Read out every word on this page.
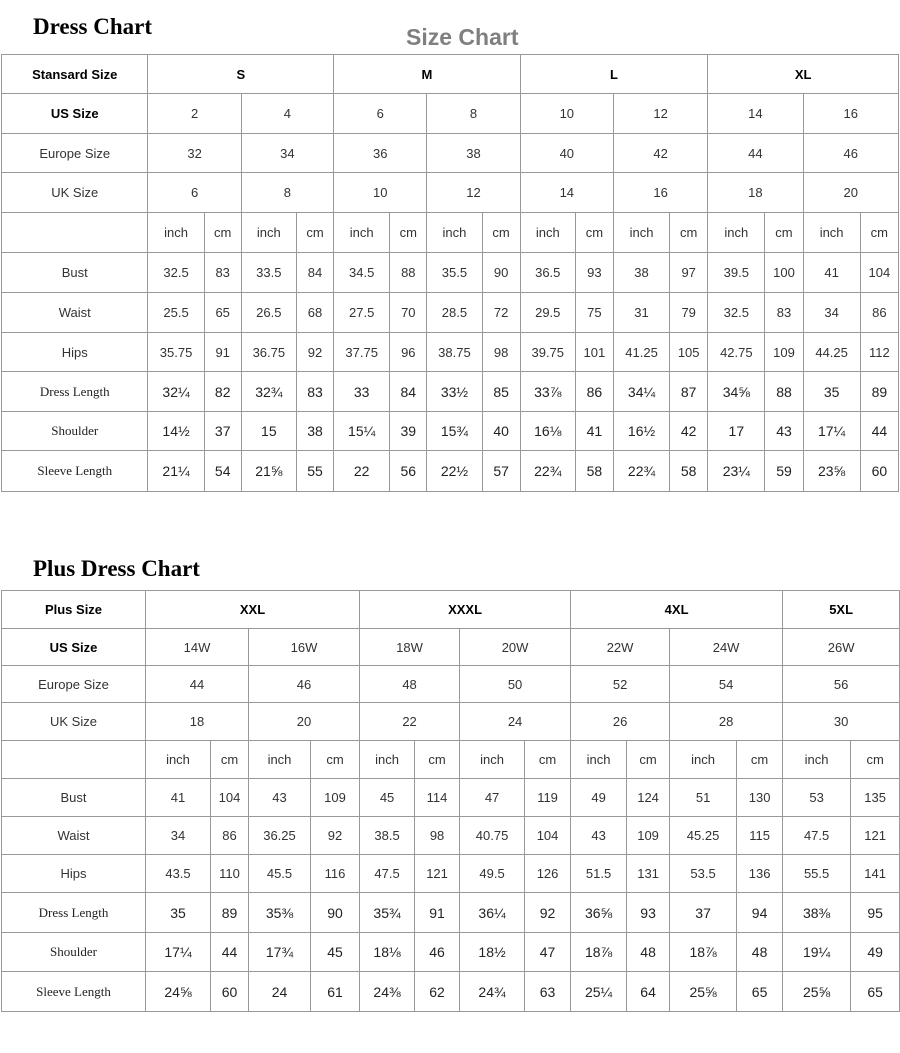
Dress Chart	Size Chart
Stansard Size	S				M				L				XL			
US Size	2		4		6		8		10		12		14		16	
Europe Size	32		34		36		38		40		42		44		46	
UK Size	6		8		10		12		14		16		18		20	
	inch	cm	inch	cm	inch	cm	inch	cm	inch	cm	inch	cm	inch	cm	inch	cm
Bust	32.5	83	33.5	84	34.5	88	35.5	90	36.5	93	38	97	39.5	100	41	104
Waist	25.5	65	26.5	68	27.5	70	28.5	72	29.5	75	31	79	32.5	83	34	86
Hips	35.75	91	36.75	92	37.75	96	38.75	98	39.75	101	41.25	105	42.75	109	44.25	112
Dress Length	32¼	82	32¾	83	33	84	33½	85	33⅞	86	34¼	87	34⅝	88	35	89
Shoulder	14½	37	15	38	15¼	39	15¾	40	16⅛	41	16½	42	17	43	17¼	44
Sleeve Length	21¼	54	21⅝	55	22	56	22½	57	22¾	58	22¾	58	23¼	59	23⅝	60
Plus Dress Chart
Plus Size	XXL				XXXL				4XL				5XL	
US Size	14W		16W		18W		20W		22W		24W		26W	
Europe Size	44		46		48		50		52		54		56	
UK Size	18		20		22		24		26		28		30	
	inch	cm	inch	cm	inch	cm	inch	cm	inch	cm	inch	cm	inch	cm
Bust	41	104	43	109	45	114	47	119	49	124	51	130	53	135
Waist	34	86	36.25	92	38.5	98	40.75	104	43	109	45.25	115	47.5	121
Hips	43.5	110	45.5	116	47.5	121	49.5	126	51.5	131	53.5	136	55.5	141
Dress Length	35	89	35⅜	90	35¾	91	36¼	92	36⅝	93	37	94	38⅜	95
Shoulder	17¼	44	17¾	45	18⅛	46	18½	47	18⅞	48	18⅞	48	19¼	49
Sleeve Length	24⅝	60	24	61	24⅜	62	24¾	63	25¼	64	25⅝	65	25⅝	65
